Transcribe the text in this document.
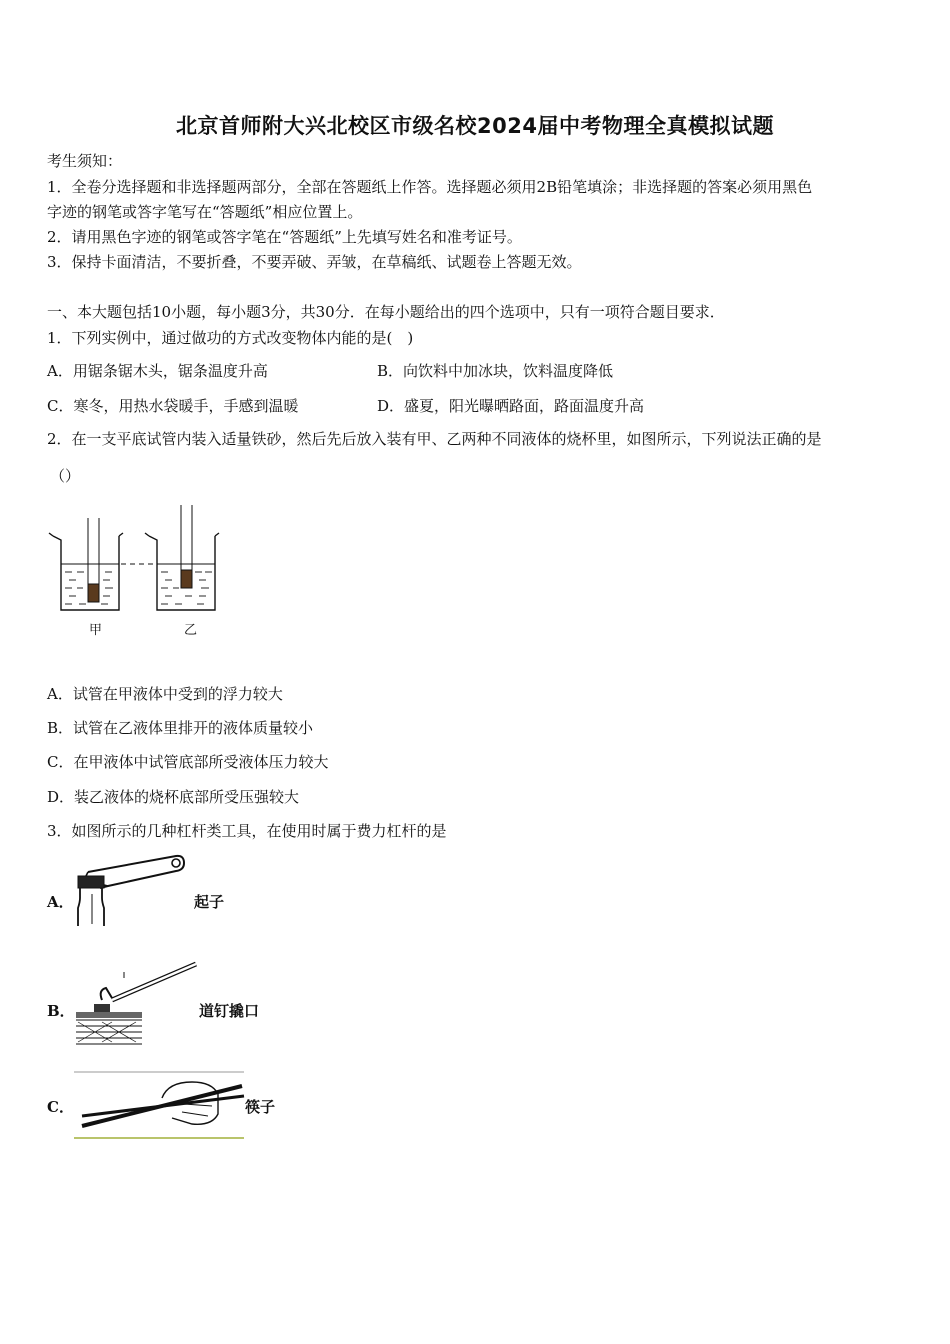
北京首师附大兴北校区市级名校2024届中考物理全真模拟试题
考生须知：
1．全卷分选择题和非选择题两部分，全部在答题纸上作答。选择题必须用2B铅笔填涂；非选择题的答案必须用黑色
字迹的钢笔或答字笔写在“答题纸”相应位置上。
2．请用黑色字迹的钢笔或答字笔在“答题纸”上先填写姓名和准考证号。
3．保持卡面清洁，不要折叠，不要弄破、弄皱，在草稿纸、试题卷上答题无效。
一、本大题包括10小题，每小题3分，共30分．在每小题给出的四个选项中，只有一项符合题目要求．
1．下列实例中，通过做功的方式改变物体内能的是(　)
A．用锯条锯木头，锯条温度升高	B．向饮料中加冰块，饮料温度降低
C．寒冬，用热水袋暖手，手感到温暖	D．盛夏，阳光曝晒路面，路面温度升高
2．在一支平底试管内装入适量铁砂，然后先后放入装有甲、乙两种不同液体的烧杯里，如图所示，下列说法正确的是
（）
甲	乙
A．试管在甲液体中受到的浮力较大
B．试管在乙液体里排开的液体质量较小
C．在甲液体中试管底部所受液体压力较大
D．装乙液体的烧杯底部所受压强较大
3．如图所示的几种杠杆类工具，在使用时属于费力杠杆的是
A．	起子
B．	道钉撬口
C．	筷子
